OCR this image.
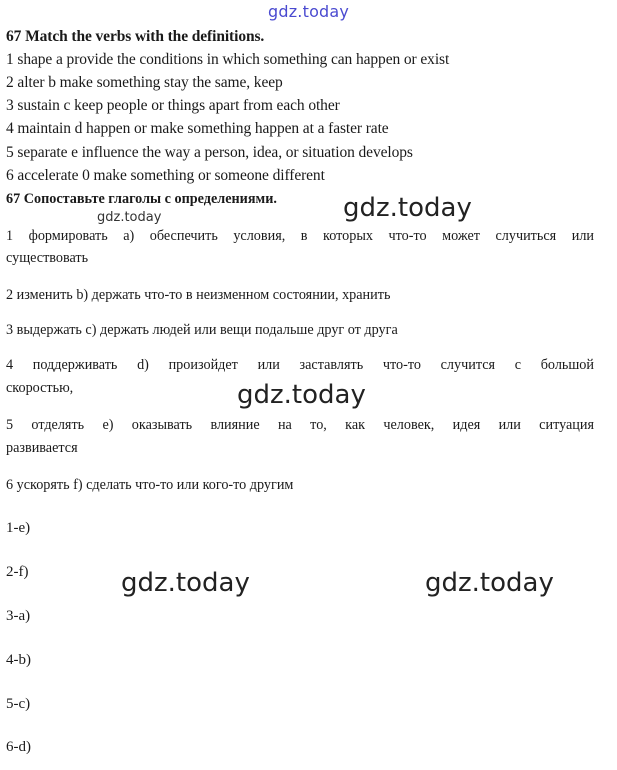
gdz.today
gdz.today	gdz.today
gdz.today
gdz.today	gdz.today
67 Match the verbs with the definitions.
1 shape a provide the conditions in which something can happen or exist
2 alter b make something stay the same, keep
3 sustain c keep people or things apart from each other
4 maintain d happen or make something happen at a faster rate
5 separate e influence the way a person, idea, or situation develops
6 accelerate 0 make something or someone different
67 Сопоставьте глаголы с определениями.
1 формировать a) обеспечить условия, в которых что-то может случиться или
существовать
2 изменить b) держать что-то в неизменном состоянии, хранить
3 выдержать c) держать людей или вещи подальше друг от друга
4 поддерживать d) произойдет или заставлять что-то случится с большой
скоростью,
5 отделять e) оказывать влияние на то, как человек, идея или ситуация
развивается
6 ускорять f) сделать что-то или кого-то другим
1-e)
2-f)
3-a)
4-b)
5-c)
6-d)
